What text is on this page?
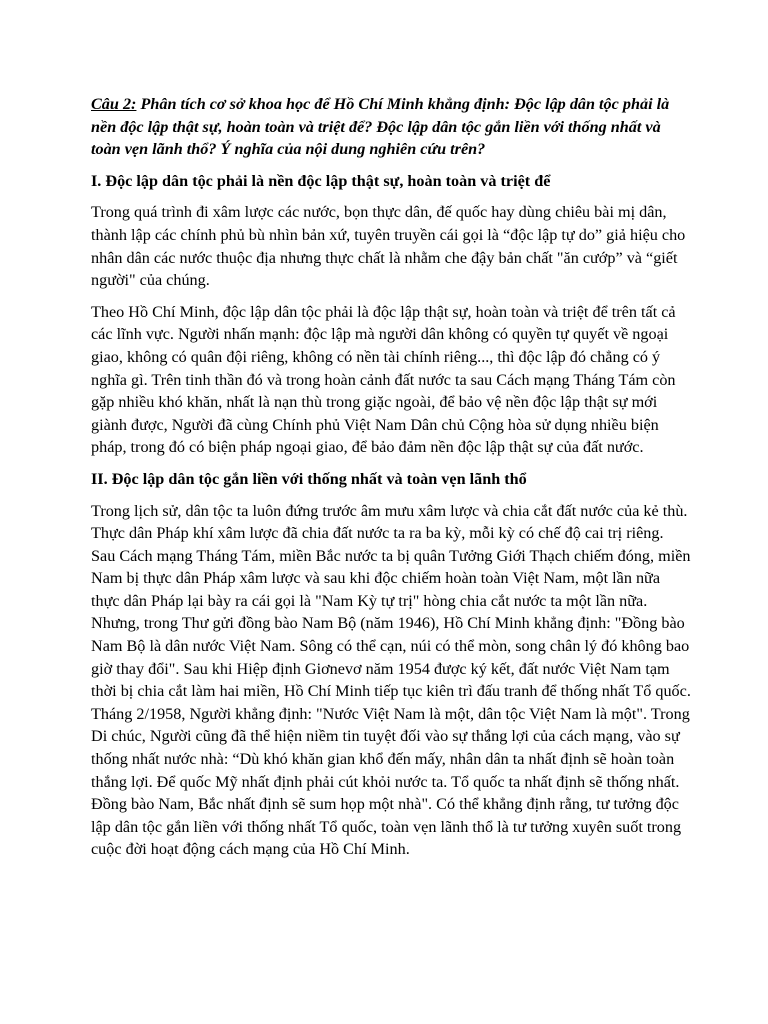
Câu 2: Phân tích cơ sở khoa học để Hồ Chí Minh khẳng định: Độc lập dân tộc phải là nền độc lập thật sự, hoàn toàn và triệt để? Độc lập dân tộc gắn liền với thống nhất và toàn vẹn lãnh thổ? Ý nghĩa của nội dung nghiên cứu trên?
I. Độc lập dân tộc phải là nền độc lập thật sự, hoàn toàn và triệt để

Trong quá trình đi xâm lược các nước, bọn thực dân, đế quốc hay dùng chiêu bài mị dân, thành lập các chính phủ bù nhìn bản xứ, tuyên truyền cái gọi là “độc lập tự do” giả hiệu cho nhân dân các nước thuộc địa nhưng thực chất là nhằm che đậy bản chất "ăn cướp” và “giết người" của chúng.

Theo Hồ Chí Minh, độc lập dân tộc phải là độc lập thật sự, hoàn toàn và triệt để trên tất cả các lĩnh vực. Người nhấn mạnh: độc lập mà người dân không có quyền tự quyết về ngoại giao, không có quân đội riêng, không có nền tài chính riêng..., thì độc lập đó chẳng có ý nghĩa gì. Trên tinh thần đó và trong hoàn cảnh đất nước ta sau Cách mạng Tháng Tám còn gặp nhiều khó khăn, nhất là nạn thù trong giặc ngoài, để bảo vệ nền độc lập thật sự mới giành được, Người đã cùng Chính phủ Việt Nam Dân chủ Cộng hòa sử dụng nhiều biện pháp, trong đó có biện pháp ngoại giao, để bảo đảm nền độc lập thật sự của đất nước.

II. Độc lập dân tộc gắn liền với thống nhất và toàn vẹn lãnh thổ

Trong lịch sử, dân tộc ta luôn đứng trước âm mưu xâm lược và chia cắt đất nước của kẻ thù. Thực dân Pháp khí xâm lược đã chia đất nước ta ra ba kỳ, mỗi kỳ có chế độ cai trị riêng. Sau Cách mạng Tháng Tám, miền Bắc nước ta bị quân Tưởng Giới Thạch chiếm đóng, miền Nam bị thực dân Pháp xâm lược và sau khi độc chiếm hoàn toàn Việt Nam, một lần nữa thực dân Pháp lại bày ra cái gọi là "Nam Kỳ tự trị" hòng chia cắt nước ta một lần nữa. Nhưng, trong Thư gửi đồng bào Nam Bộ (năm 1946), Hồ Chí Minh khẳng định: "Đồng bào Nam Bộ là dân nước Việt Nam. Sông có thể cạn, núi có thể mòn, song chân lý đó không bao giờ thay đổi". Sau khi Hiệp định Giơnevơ năm 1954 được ký kết, đất nước Việt Nam tạm thời bị chia cắt làm hai miền, Hồ Chí Minh tiếp tục kiên trì đấu tranh để thống nhất Tổ quốc. Tháng 2/1958, Người khẳng định: "Nước Việt Nam là một, dân tộc Việt Nam là một". Trong Di chúc, Người cũng đã thể hiện niềm tin tuyệt đối vào sự thắng lợi của cách mạng, vào sự thống nhất nước nhà: “Dù khó khăn gian khổ đến mấy, nhân dân ta nhất định sẽ hoàn toàn thắng lợi. Để quốc Mỹ nhất định phải cút khỏi nước ta. Tổ quốc ta nhất định sẽ thống nhất. Đồng bào Nam, Bắc nhất định sẽ sum họp một nhà". Có thể khẳng định rằng, tư tưởng độc lập dân tộc gắn liền với thống nhất Tổ quốc, toàn vẹn lãnh thổ là tư tưởng xuyên suốt trong cuộc đời hoạt động cách mạng của Hồ Chí Minh.
